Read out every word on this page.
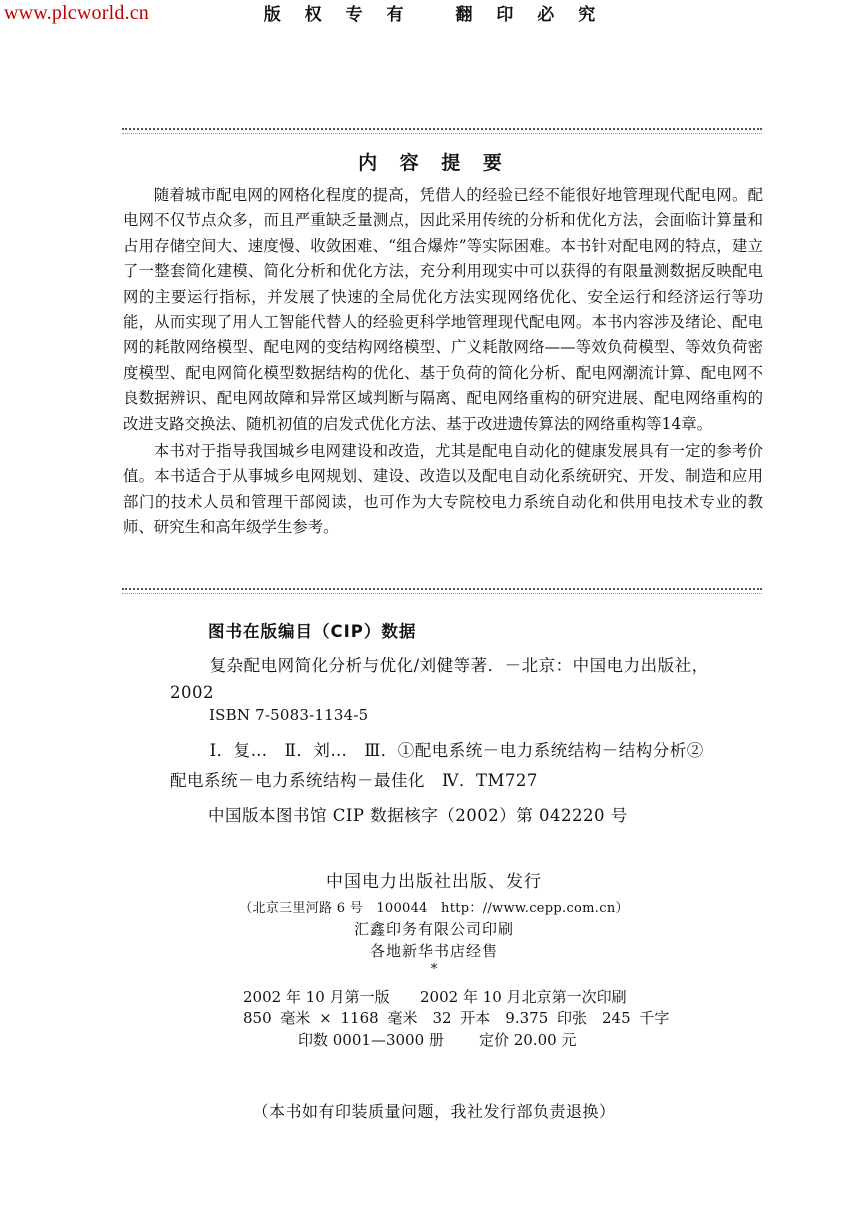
www.plcworld.cn
内 容 提 要

随着城市配电网的网格化程度的提高，凭借人的经验已经不能很好地管理现代配电网。配电网不仅节点众多，而且严重缺乏量测点，因此采用传统的分析和优化方法，会面临计算量和占用存储空间大、速度慢、收敛困难、“组合爆炸”等实际困难。本书针对配电网的特点，建立了一整套简化建模、简化分析和优化方法，充分利用现实中可以获得的有限量测数据反映配电网的主要运行指标，并发展了快速的全局优化方法实现网络优化、安全运行和经济运行等功能，从而实现了用人工智能代替人的经验更科学地管理现代配电网。本书内容涉及绪论、配电网的耗散网络模型、配电网的变结构网络模型、广义耗散网络——等效负荷模型、等效负荷密度模型、配电网简化模型数据结构的优化、基于负荷的简化分析、配电网潮流计算、配电网不良数据辨识、配电网故障和异常区域判断与隔离、配电网络重构的研究进展、配电网络重构的改进支路交换法、随机初值的启发式优化方法、基于改进遗传算法的网络重构等14章。

本书对于指导我国城乡电网建设和改造，尤其是配电自动化的健康发展具有一定的参考价值。本书适合于从事城乡电网规划、建设、改造以及配电自动化系统研究、开发、制造和应用部门的技术人员和管理干部阅读，也可作为大专院校电力系统自动化和供用电技术专业的教师、研究生和高年级学生参考。

图书在版编目（CIP）数据
复杂配电网简化分析与优化/刘健等著．－北京：中国电力出版社，2002
ISBN 7-5083-1134-5
Ⅰ．复…　Ⅱ．刘…　Ⅲ．①配电系统－电力系统结构－结构分析②配电系统－电力系统结构－最佳化　Ⅳ．TM727
中国版本图书馆 CIP 数据核字（2002）第 042220 号
中国电力出版社出版、发行
（北京三里河路 6 号　100044　http：//www.cepp.com.cn）
汇鑫印务有限公司印刷
各地新华书店经售
*
2002 年 10 月第一版 2002 年 10 月北京第一次印刷
850 毫米 × 1168 毫米　32 开本　9.375 印张　245 千字
印数 0001—3000 册 定价 20.00 元
版 权 专 有	翻 印 必 究
（本书如有印装质量问题，我社发行部负责退换）
